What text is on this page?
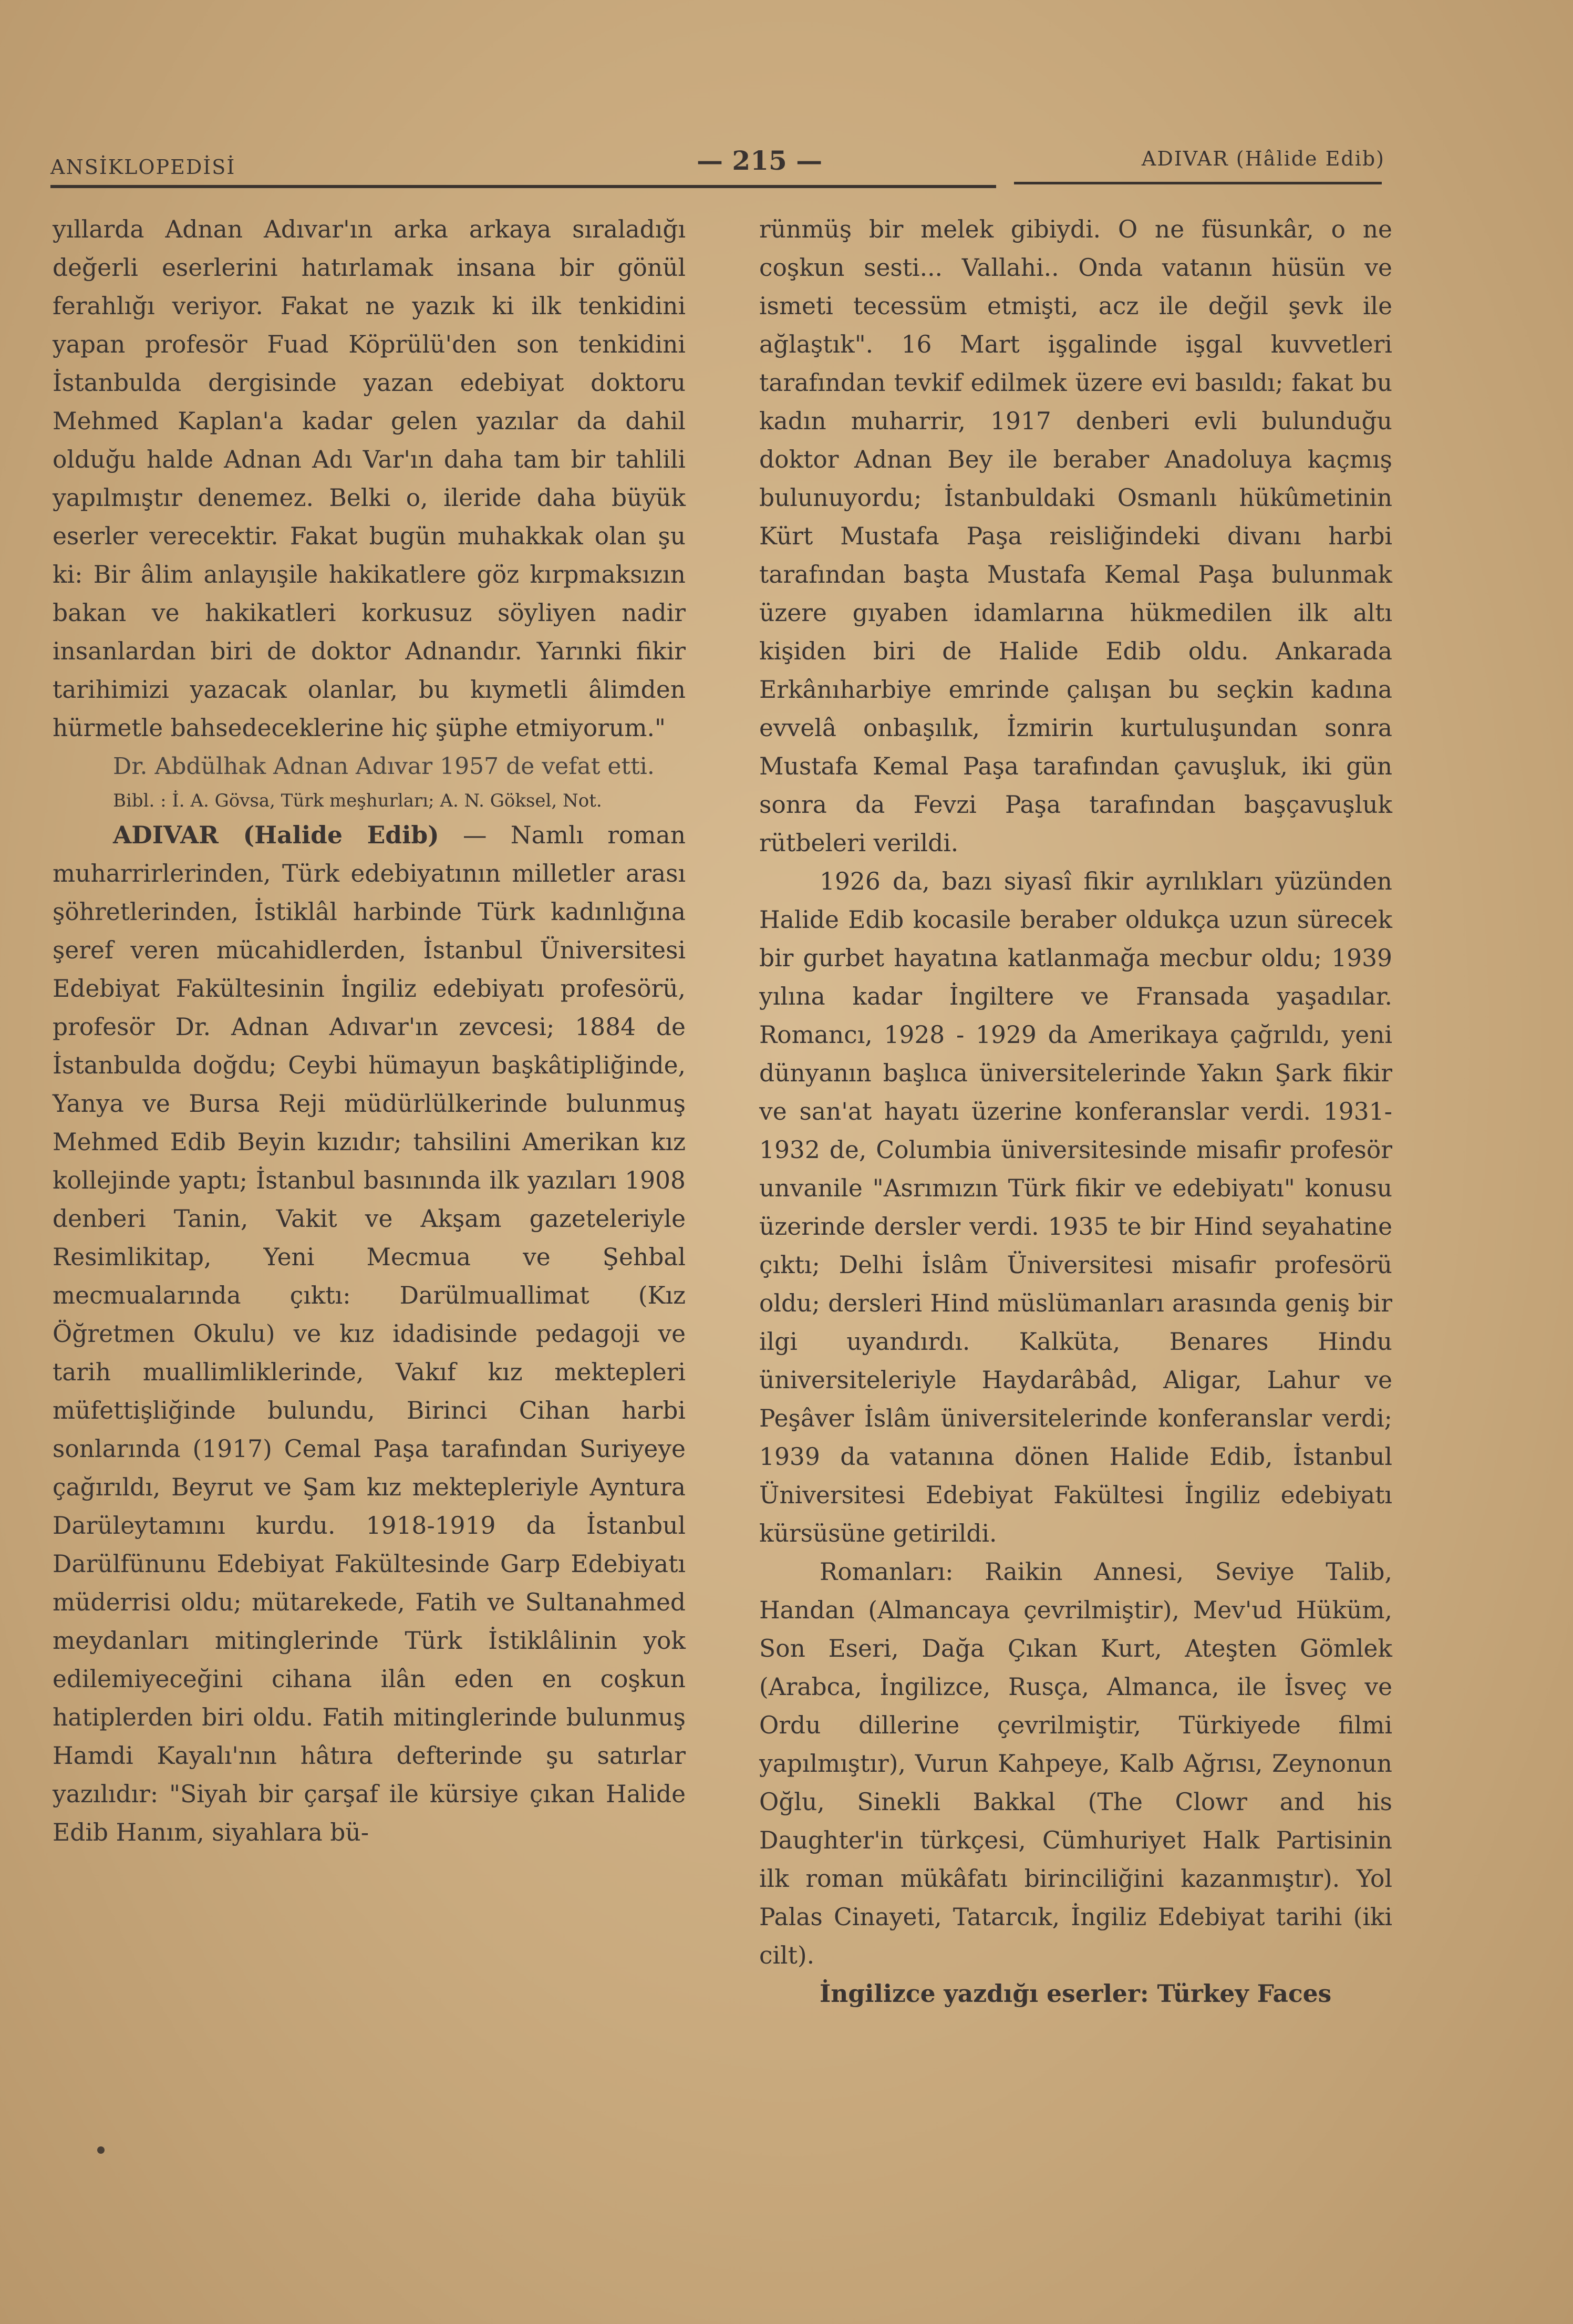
ANSİKLOPEDİSİ	— 215 —	ADIVAR (Hâlide Edib)

yıllarda Adnan Adıvar'ın arka arkaya sıraladığı değerli eserlerini hatırlamak insana bir gönül ferahlığı veriyor. Fakat ne yazık ki ilk tenkidini yapan profesör Fuad Köprülü'den son tenkidini İstanbulda dergisinde yazan edebiyat doktoru Mehmed Kaplan'a kadar gelen yazılar da dahil olduğu halde Adnan Adı Var'ın daha tam bir tahlili yapılmıştır denemez. Belki o, ileride daha büyük eserler verecektir. Fakat bugün muhakkak olan şu ki: Bir âlim anlayışile hakikatlere göz kırpmaksızın bakan ve hakikatleri korkusuz söyliyen nadir insanlardan biri de doktor Adnandır. Yarınki fikir tarihimizi yazacak olanlar, bu kıymetli âlimden hürmetle bahsedeceklerine hiç şüphe etmiyorum."

Dr. Abdülhak Adnan Adıvar 1957 de vefat etti.

Bibl. : İ. A. Gövsa, Türk meşhurları; A. N. Göksel, Not.

ADIVAR (Halide Edib) — Namlı roman muharrirlerinden, Türk edebiyatının milletler arası şöhretlerinden, İstiklâl harbinde Türk kadınlığına şeref veren mücahidlerden, İstanbul Üniversitesi Edebiyat Fakültesinin İngiliz edebiyatı profesörü, profesör Dr. Adnan Adıvar'ın zevcesi; 1884 de İstanbulda doğdu; Ceybi hümayun başkâtipliğinde, Yanya ve Bursa Reji müdürlülkerinde bulunmuş Mehmed Edib Beyin kızıdır; tahsilini Amerikan kız kollejinde yaptı; İstanbul basınında ilk yazıları 1908 denberi Tanin, Vakit ve Akşam gazeteleriyle Resimlikitap, Yeni Mecmua ve Şehbal mecmualarında çıktı: Darülmuallimat (Kız Öğretmen Okulu) ve kız idadisinde pedagoji ve tarih muallimliklerinde, Vakıf kız mektepleri müfettişliğinde bulundu, Birinci Cihan harbi sonlarında (1917) Cemal Paşa tarafından Suriyeye çağırıldı, Beyrut ve Şam kız mektepleriyle Ayntura Darüleytamını kurdu. 1918-1919 da İstanbul Darülfünunu Edebiyat Fakültesinde Garp Edebiyatı müderrisi oldu; mütarekede, Fatih ve Sultanahmed meydanları mitinglerinde Türk İstiklâlinin yok edilemiyeceğini cihana ilân eden en coşkun hatiplerden biri oldu. Fatih mitinglerinde bulunmuş Hamdi Kayalı'nın hâtıra defterinde şu satırlar yazılıdır: "Siyah bir çarşaf ile kürsiye çıkan Halide Edib Hanım, siyahlara bü-

rünmüş bir melek gibiydi. O ne füsunkâr, o ne coşkun sesti... Vallahi.. Onda vatanın hüsün ve ismeti tecessüm etmişti, acz ile değil şevk ile ağlaştık". 16 Mart işgalinde işgal kuvvetleri tarafından tevkif edilmek üzere evi basıldı; fakat bu kadın muharrir, 1917 denberi evli bulunduğu doktor Adnan Bey ile beraber Anadoluya kaçmış bulunuyordu; İstanbuldaki Osmanlı hükûmetinin Kürt Mustafa Paşa reisliğindeki divanı harbi tarafından başta Mustafa Kemal Paşa bulunmak üzere gıyaben idamlarına hükmedilen ilk altı kişiden biri de Halide Edib oldu. Ankarada Erkânıharbiye emrinde çalışan bu seçkin kadına evvelâ onbaşılık, İzmirin kurtuluşundan sonra Mustafa Kemal Paşa tarafından çavuşluk, iki gün sonra da Fevzi Paşa tarafından başçavuşluk rütbeleri verildi.

1926 da, bazı siyasî fikir ayrılıkları yüzünden Halide Edib kocasile beraber oldukça uzun sürecek bir gurbet hayatına katlanmağa mecbur oldu; 1939 yılına kadar İngiltere ve Fransada yaşadılar. Romancı, 1928 - 1929 da Amerikaya çağrıldı, yeni dünyanın başlıca üniversitelerinde Yakın Şark fikir ve san'at hayatı üzerine konferanslar verdi. 1931-1932 de, Columbia üniversitesinde misafir profesör unvanile "Asrımızın Türk fikir ve edebiyatı" konusu üzerinde dersler verdi. 1935 te bir Hind seyahatine çıktı; Delhi İslâm Üniversitesi misafir profesörü oldu; dersleri Hind müslümanları arasında geniş bir ilgi uyandırdı. Kalküta, Benares Hindu üniversiteleriyle Haydarâbâd, Aligar, Lahur ve Peşâver İslâm üniversitelerinde konferanslar verdi; 1939 da vatanına dönen Halide Edib, İstanbul Üniversitesi Edebiyat Fakültesi İngiliz edebiyatı kürsüsüne getirildi.

Romanları: Raikin Annesi, Seviye Talib, Handan (Almancaya çevrilmiştir), Mev'ud Hüküm, Son Eseri, Dağa Çıkan Kurt, Ateşten Gömlek (Arabca, İngilizce, Rusça, Almanca, ile İsveç ve Ordu dillerine çevrilmiştir, Türkiyede filmi yapılmıştır), Vurun Kahpeye, Kalb Ağrısı, Zeynonun Oğlu, Sinekli Bakkal (The Clowr and his Daughter'in türkçesi, Cümhuriyet Halk Partisinin ilk roman mükâfatı birinciliğini kazanmıştır). Yol Palas Cinayeti, Tatarcık, İngiliz Edebiyat tarihi (iki cilt).

İngilizce yazdığı eserler: Türkey Faces
